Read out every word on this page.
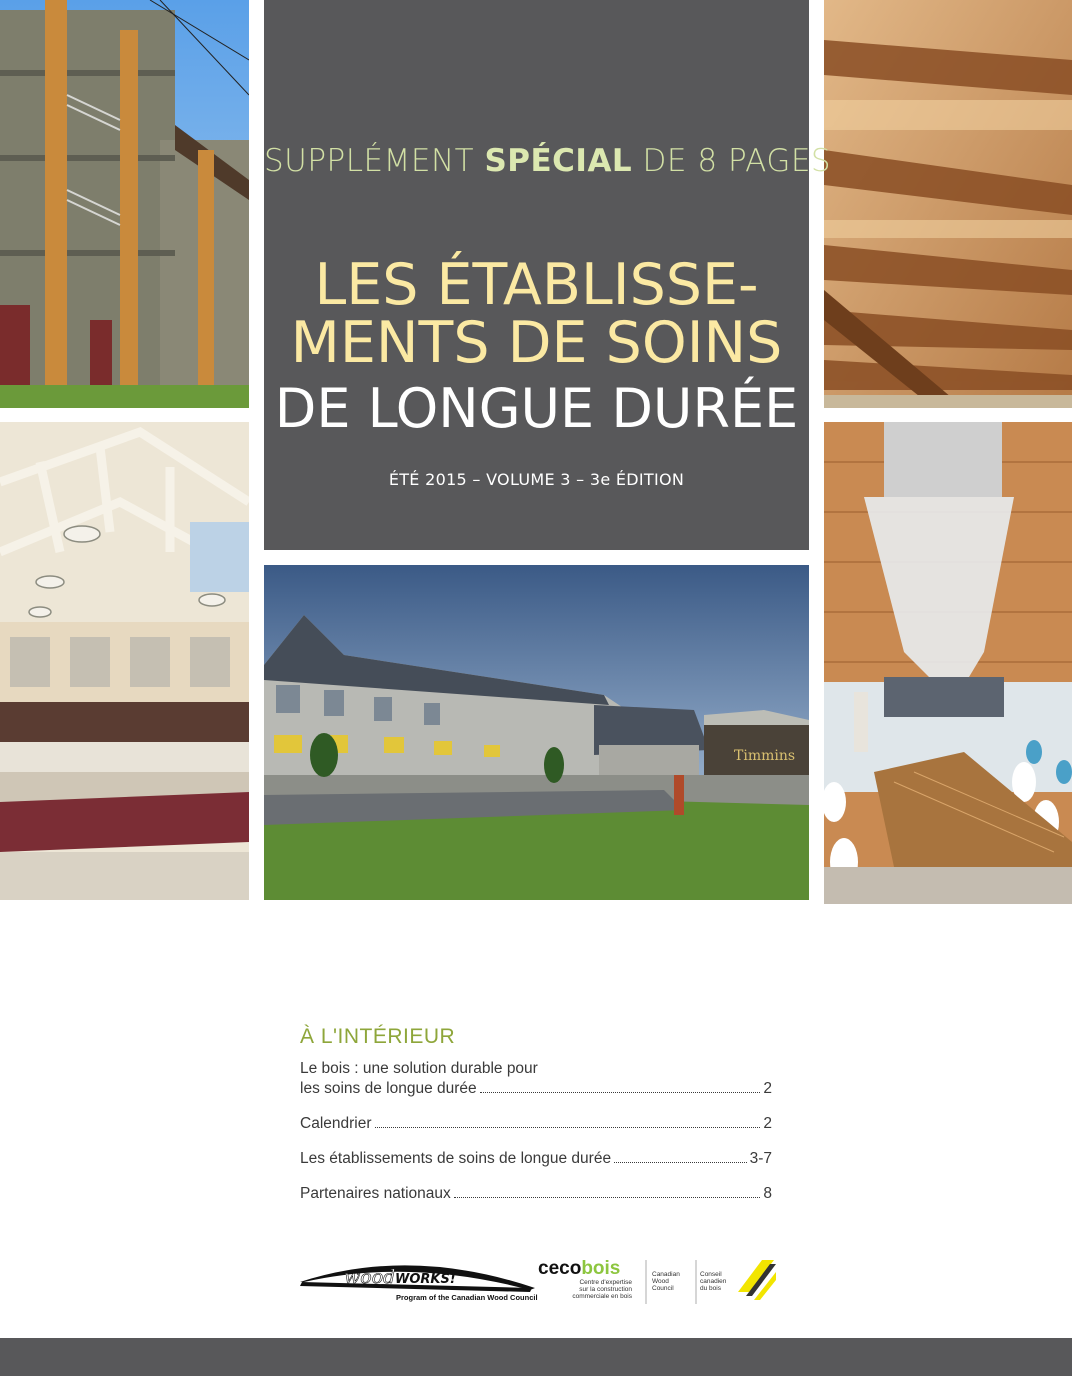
Timmins
SUPPLÉMENT SPÉCIAL DE 8 PAGES
LES ÉTABLISSE-
MENTS DE SOINS
DE LONGUE DURÉE
ÉTÉ 2015 – VOLUME 3 – 3e ÉDITION
À L'INTÉRIEUR
Le bois : une solution durable pour
les soins de longue durée	2
Calendrier	2
Les établissements de soins de longue durée	3-7
Partenaires nationaux	8
wood WORKS!
Program of the Canadian Wood Council
cecobois
Centre d'expertise
sur la construction
commerciale en bois
Canadian
Wood
Council
Conseil
canadien
du bois
